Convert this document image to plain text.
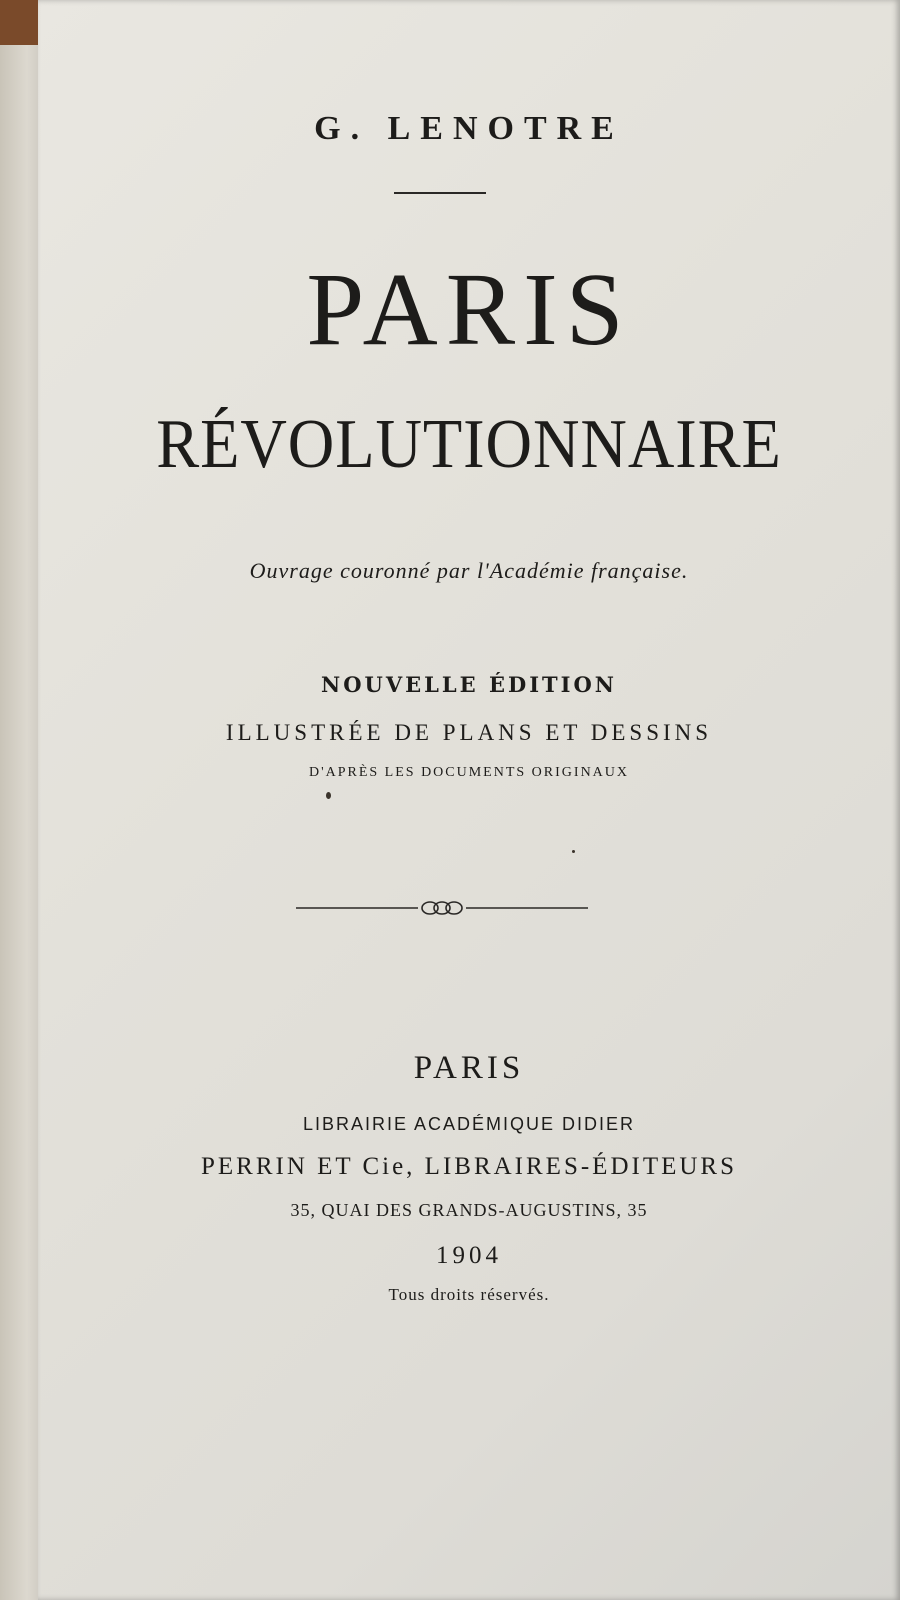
G. LENOTRE
PARIS
RÉVOLUTIONNAIRE
Ouvrage couronné par l'Académie française.
NOUVELLE ÉDITION
ILLUSTRÉE DE PLANS ET DESSINS
D'APRÈS LES DOCUMENTS ORIGINAUX
PARIS
LIBRAIRIE ACADÉMIQUE DIDIER
PERRIN ET Cie, LIBRAIRES-ÉDITEURS
35, QUAI DES GRANDS-AUGUSTINS, 35
1904
Tous droits réservés.
